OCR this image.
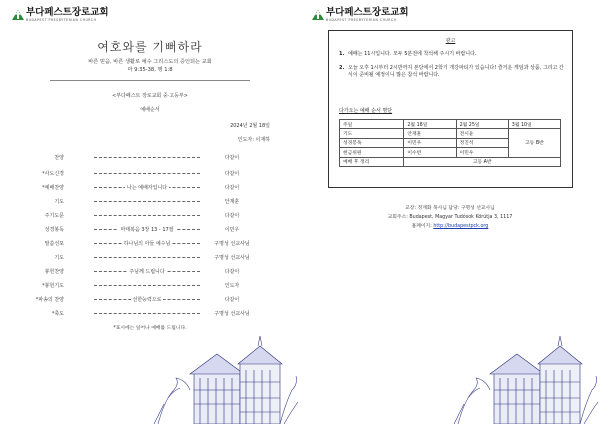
부다페스트장로교회
BUDAPEST PRESBYTERIAN CHURCH
여호와를 기뻐하라
바른 믿음, 바른 생활로 예수 그리스도의 증인되는 교회
마 9:35-38, 행 1:8
<부다페스트 장로교회 중·고등부>
예배순서
2024년 2월 18일
인도자: 이재하
찬양	다같이
*사도신경	다같이
*예배찬양	나는 예배자입니다	다같이
기도	안재훈
주기도문	다같이
성경봉독	마태복음 3장 13 - 17절	이민우
말씀선포	하나님의 아들 예수님	구명성 선교사님
기도	구명성 선교사님
봉헌찬양	주님께 드립니다	다같이
*봉헌기도	인도자
*파송의 찬양	선한능력으로	다같이
*축도	구명성 선교사님
*표시에는 일어나 예배를 드립니다.
부다페스트장로교회
BUDAPEST PRESBYTERIAN CHURCH
광고
1. 예배는 11시입니다. 모두 5분전에 착석해 주시기 바랍니다.
2. 오늘 오후 1시부터 2시반까지 본당에서 2학기 개강파티가 있습니다! 즐거운 게임과 상품, 그리고 간식이 준비될 예정이니 많은 참석 바랍니다.
다가오는 예배 순서 명단
주일	2월 18일	2월 25일	3월 10일
기도	안재훈	전시윤	고등 B반
성경봉독	이민우	정진석	
헌금위원	이수빈	이민우	
예배 후 정리	고등 A반		
교장: 정재화 목사님 담당: 구명성 선교사님
교회주소: Budapest, Magyar Tudósok Körútja 3, 1117
홈페이지: http://budapestpck.org
